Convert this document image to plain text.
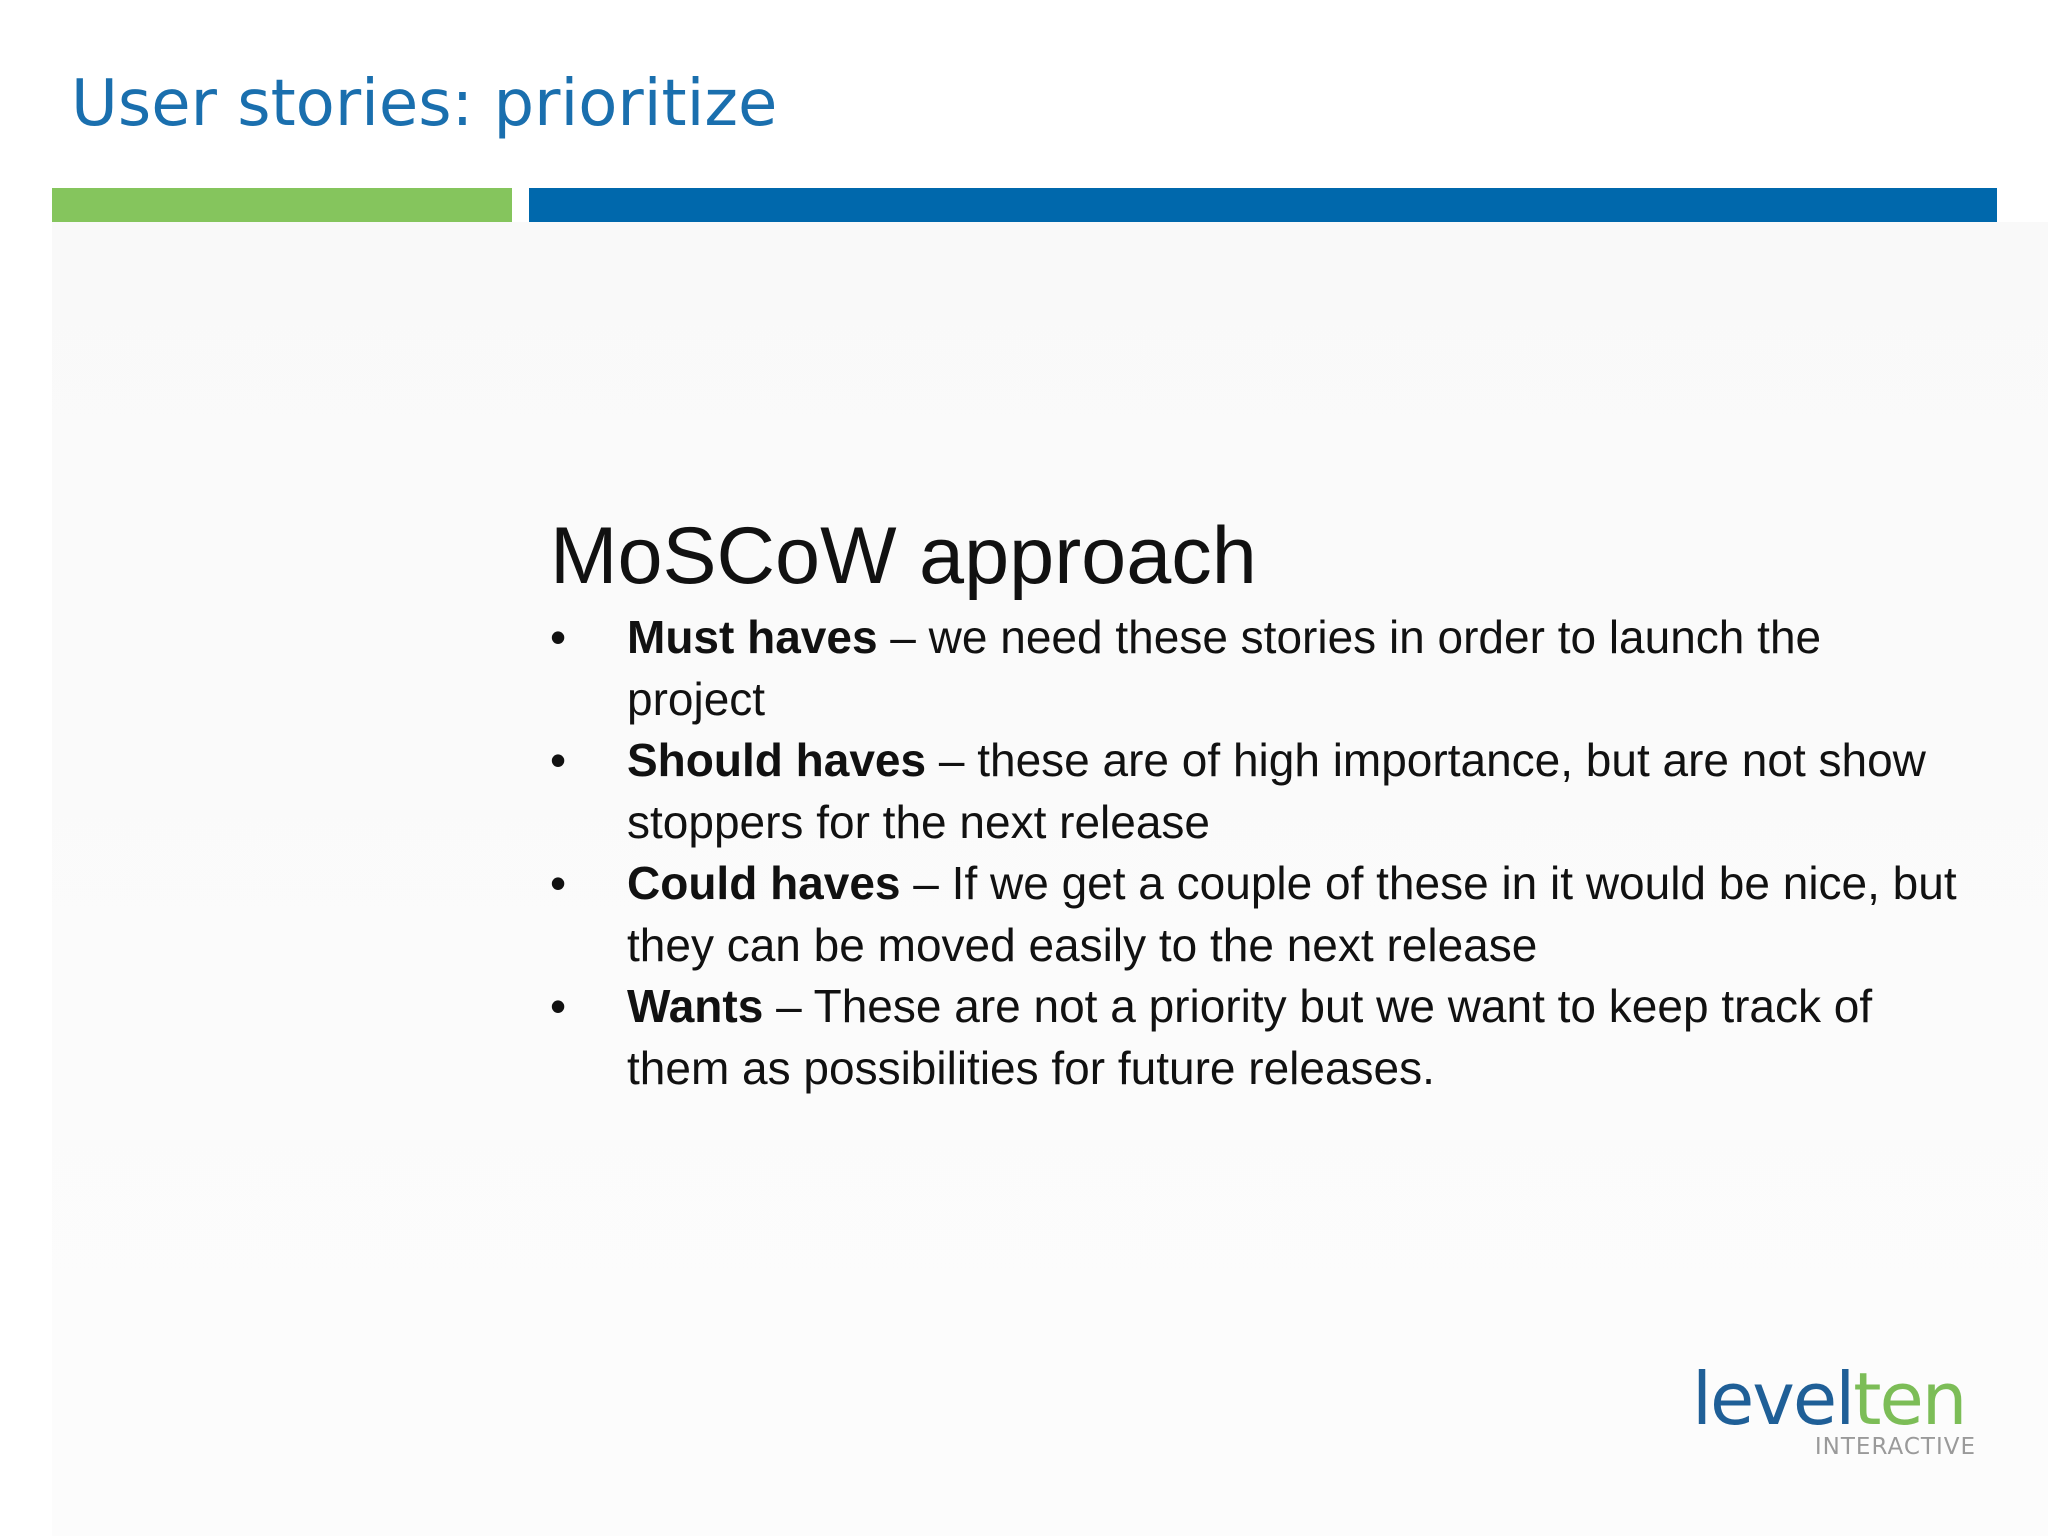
User stories: prioritize
MoSCoW approach
•	Must haves – we need these stories in order to launch the project
•	Should haves – these are of high importance, but are not show stoppers for the next release
•	Could haves – If we get a couple of these in it would be nice, but they can be moved easily to the next release
•	Wants – These are not a priority but we want to keep track of them as possibilities for future releases.
levelten
INTERACTIVE
